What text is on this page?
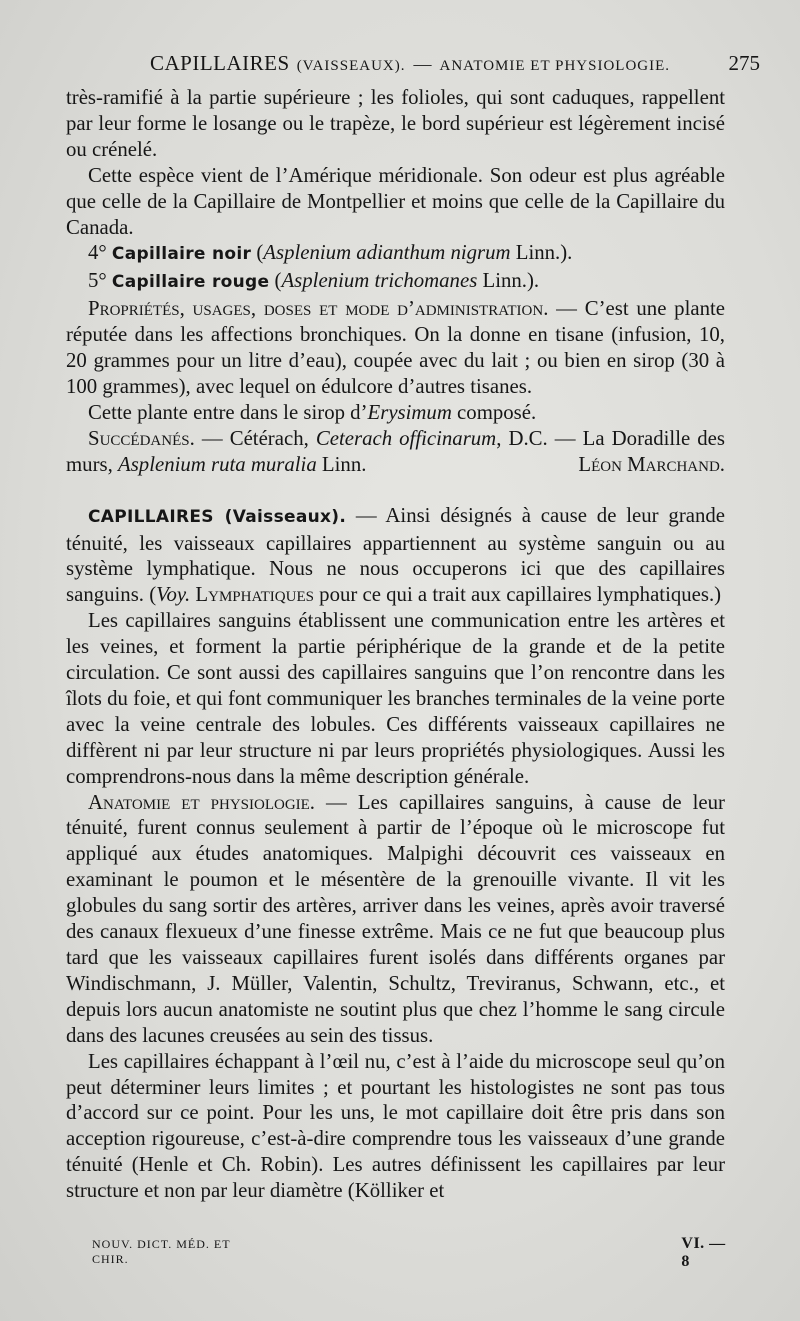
CAPILLAIRES (VAISSEAUX). — ANATOMIE ET PHYSIOLOGIE.	275

très-ramifié à la partie supérieure ; les folioles, qui sont caduques, rappellent par leur forme le losange ou le trapèze, le bord supérieur est légèrement incisé ou crénelé.

Cette espèce vient de l’Amérique méridionale. Son odeur est plus agréable que celle de la Capillaire de Montpellier et moins que celle de la Capillaire du Canada.

4° Capillaire noir (Asplenium adianthum nigrum Linn.).

5° Capillaire rouge (Asplenium trichomanes Linn.).

Propriétés, usages, doses et mode d’administration. — C’est une plante réputée dans les affections bronchiques. On la donne en tisane (infusion, 10, 20 grammes pour un litre d’eau), coupée avec du lait ; ou bien en sirop (30 à 100 grammes), avec lequel on édulcore d’autres tisanes.

Cette plante entre dans le sirop d’Erysimum composé.

Succédanés. — Cétérach, Ceterach officinarum, D.C. — La Doradille des murs, Asplenium ruta muralia Linn.	Léon Marchand.

CAPILLAIRES (Vaisseaux). — Ainsi désignés à cause de leur grande ténuité, les vaisseaux capillaires appartiennent au système sanguin ou au système lymphatique. Nous ne nous occuperons ici que des capillaires sanguins. (Voy. Lymphatiques pour ce qui a trait aux capillaires lymphatiques.)

Les capillaires sanguins établissent une communication entre les artères et les veines, et forment la partie périphérique de la grande et de la petite circulation. Ce sont aussi des capillaires sanguins que l’on rencontre dans les îlots du foie, et qui font communiquer les branches terminales de la veine porte avec la veine centrale des lobules. Ces différents vaisseaux capillaires ne diffèrent ni par leur structure ni par leurs propriétés physiologiques. Aussi les comprendrons-nous dans la même description générale.

Anatomie et physiologie. — Les capillaires sanguins, à cause de leur ténuité, furent connus seulement à partir de l’époque où le microscope fut appliqué aux études anatomiques. Malpighi découvrit ces vaisseaux en examinant le poumon et le mésentère de la grenouille vivante. Il vit les globules du sang sortir des artères, arriver dans les veines, après avoir traversé des canaux flexueux d’une finesse extrême. Mais ce ne fut que beaucoup plus tard que les vaisseaux capillaires furent isolés dans différents organes par Windischmann, J. Müller, Valentin, Schultz, Treviranus, Schwann, etc., et depuis lors aucun anatomiste ne soutint plus que chez l’homme le sang circule dans des lacunes creusées au sein des tissus.

Les capillaires échappant à l’œil nu, c’est à l’aide du microscope seul qu’on peut déterminer leurs limites ; et pourtant les histologistes ne sont pas tous d’accord sur ce point. Pour les uns, le mot capillaire doit être pris dans son acception rigoureuse, c’est-à-dire comprendre tous les vaisseaux d’une grande ténuité (Henle et Ch. Robin). Les autres définissent les capillaires par leur structure et non par leur diamètre (Kölliker et

NOUV. DICT. MÉD. ET CHIR.
VI. — 8
